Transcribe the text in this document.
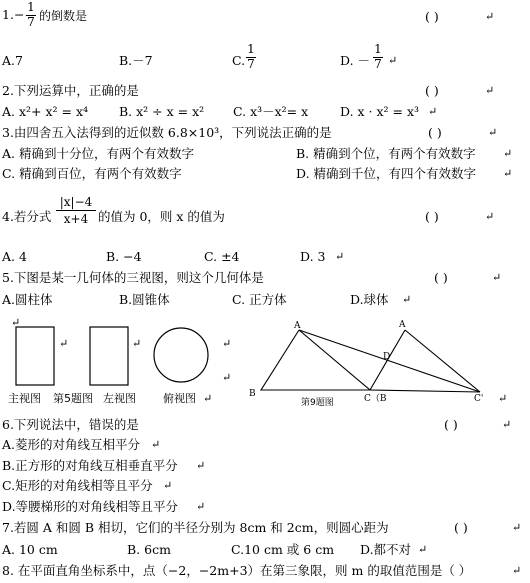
$1.- \frac{1}{7}$ 的倒数是	( )	↵
A.7	B.－7	C. $\frac{1}{7}$	D. － $\frac{1}{7}$ ↵
2.下列运算中，正确的是	( )	↵
A. x²+ x² = x⁴ B. x² ÷ x = x² C. x³－x²= x	D. x · x² = x³ ↵
3.由四舍五入法得到的近似数 6.8×10³，下列说法正确的是	( )	↵
A. 精确到十分位，有两个有效数字	B. 精确到个位，有两个有效数字 ↵
C. 精确到百位，有两个有效数字	D. 精确到千位，有四个有效数字 ↵
4.若分式 $\frac{|x|-4}{x+4}$ 的值为 0，则 x 的值为	( )	↵
A. 4	B. −4	C. ±4	D. 3 ↵
5.下图是某一几何体的三视图，则这个几何体是	( )	↵
A.圆柱体	B.圆锥体	C. 正方体	D.球体 ↵
↵
↵	↵	↵
↵
主视图 第5题图 左视图 俯视图 ↵
A	A
D
B	C（B	C'
第9题图	↵
6.下列说法中，错误的是	( )	↵
A.菱形的对角线互相平分 ↵
B.正方形的对角线互相垂直平分 ↵
C.矩形的对角线相等且平分 ↵
D.等腰梯形的对角线相等且平分 ↵
7.若圆 A 和圆 B 相切，它们的半径分别为 8cm 和 2cm，则圆心距为	( )	↵
A. 10 cm	B. 6cm	C.10 cm 或 6 cm D.都不对 ↵
8. 在平面直角坐标系中，点（−2，−2m+3）在第三象限，则 m 的取值范围是（ ）	↵
